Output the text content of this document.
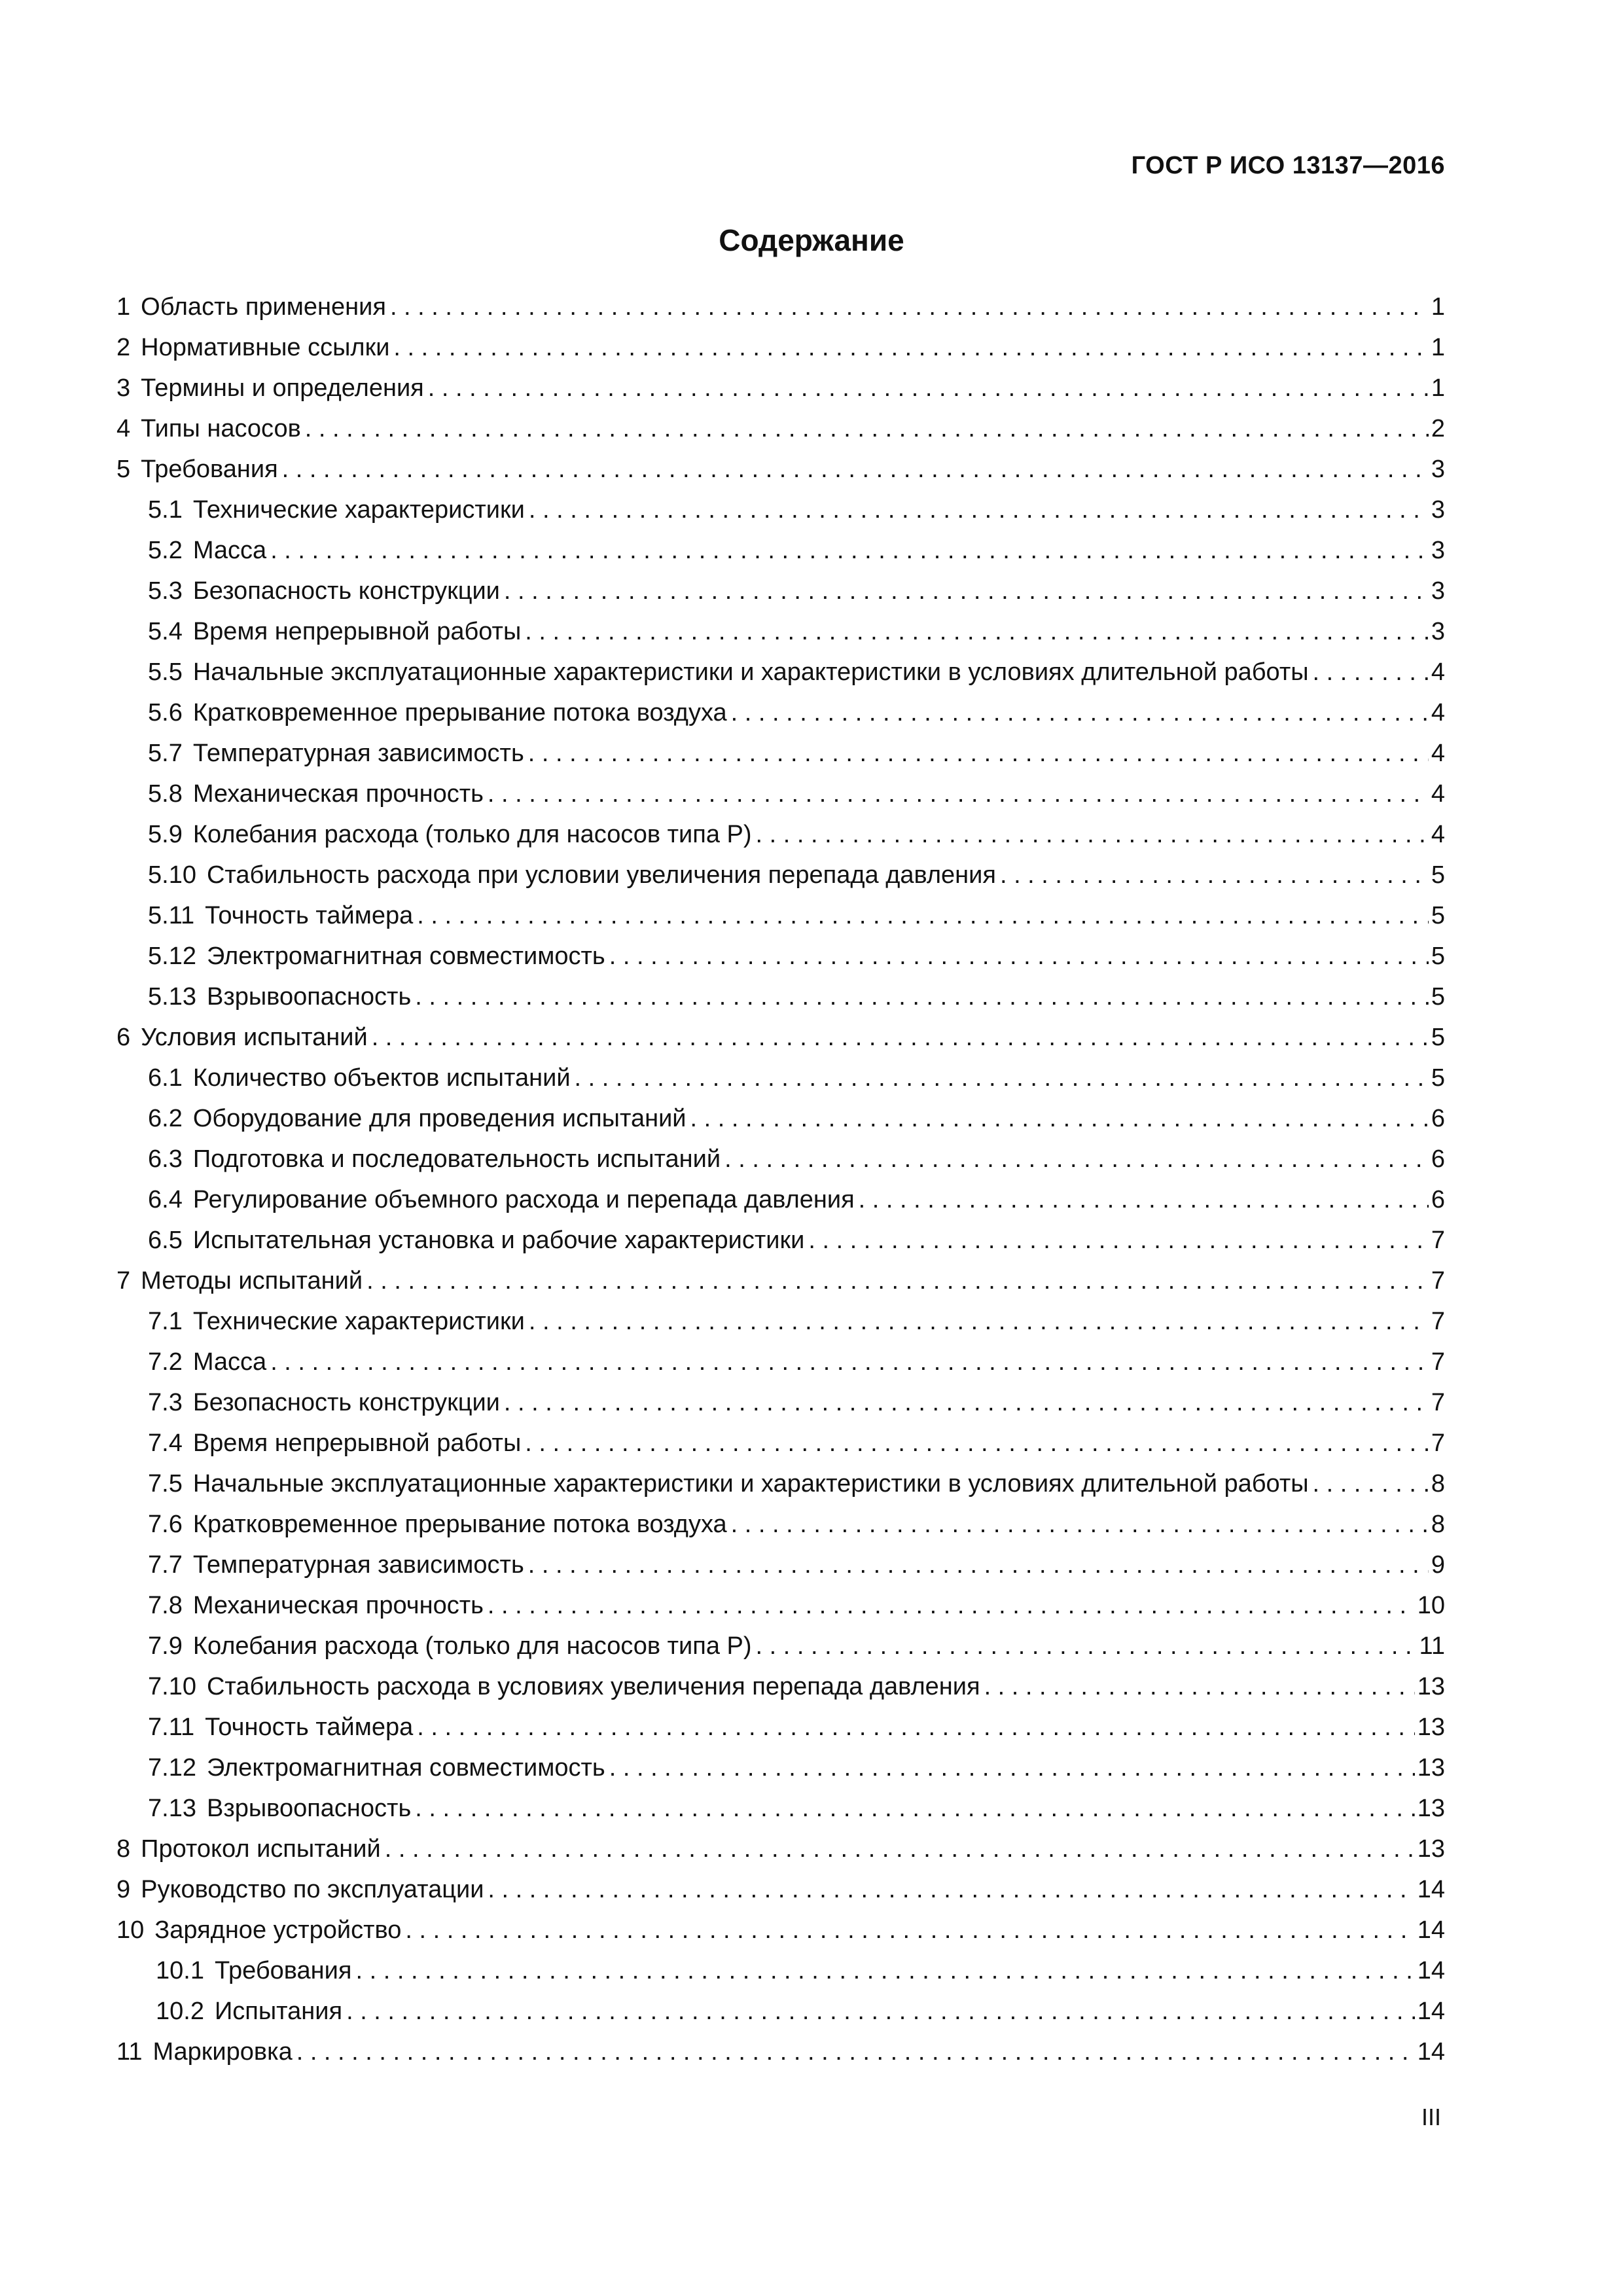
ГОСТ Р ИСО 13137—2016
Содержание
1 Область применения . . .	1
2 Нормативные ссылки . . .	1
3 Термины и определения . . .	1
4 Типы насосов . . .	2
5 Требования . . .	3
5.1 Технические характеристики . . .	3
5.2 Масса . . .	3
5.3 Безопасность конструкции . . .	3
5.4 Время непрерывной работы . . .	3
5.5 Начальные эксплуатационные характеристики и характеристики в условиях длительной работы . . .	4
5.6 Кратковременное прерывание потока воздуха . . .	4
5.7 Температурная зависимость . . .	4
5.8 Механическая прочность . . .	4
5.9 Колебания расхода (только для насосов типа Р) . . .	4
5.10 Стабильность расхода при условии увеличения перепада давления . . .	5
5.11 Точность таймера . . .	5
5.12 Электромагнитная совместимость . . .	5
5.13 Взрывоопасность . . .	5
6 Условия испытаний . . .	5
6.1 Количество объектов испытаний . . .	5
6.2 Оборудование для проведения испытаний . . .	6
6.3 Подготовка и последовательность испытаний . . .	6
6.4 Регулирование объемного расхода и перепада давления . . .	6
6.5 Испытательная установка и рабочие характеристики . . .	7
7 Методы испытаний . . .	7
7.1 Технические характеристики . . .	7
7.2 Масса . . .	7
7.3 Безопасность конструкции . . .	7
7.4 Время непрерывной работы . . .	7
7.5 Начальные эксплуатационные характеристики и характеристики в условиях длительной работы . . .	8
7.6 Кратковременное прерывание потока воздуха . . .	8
7.7 Температурная зависимость . . .	9
7.8 Механическая прочность . . .	10
7.9 Колебания расхода (только для насосов типа Р) . . .	11
7.10 Стабильность расхода в условиях увеличения перепада давления . . .	13
7.11 Точность таймера . . .	13
7.12 Электромагнитная совместимость . . .	13
7.13 Взрывоопасность . . .	13
8 Протокол испытаний . . .	13
9 Руководство по эксплуатации . . .	14
10 Зарядное устройство . . .	14
10.1 Требования . . .	14
10.2 Испытания . . .	14
11 Маркировка . . .	14
III
